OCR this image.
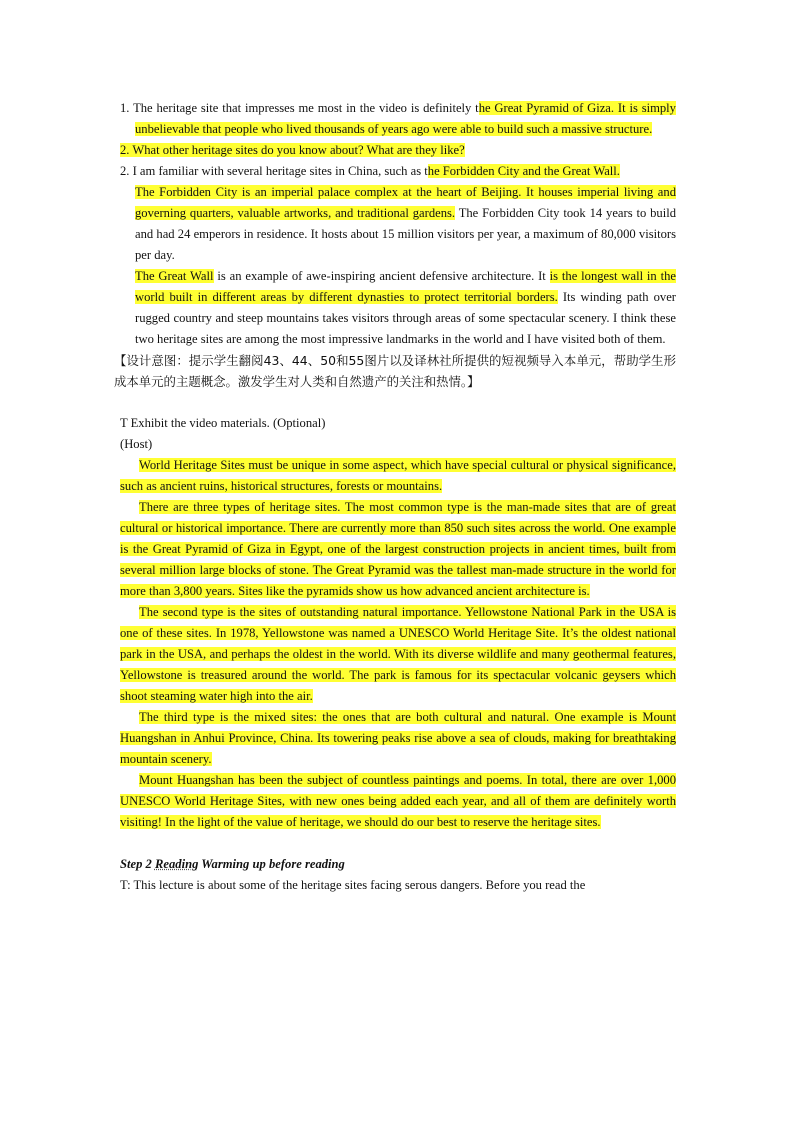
1. The heritage site that impresses me most in the video is definitely the Great Pyramid of Giza. It is simply unbelievable that people who lived thousands of years ago were able to build such a massive structure.

2. What other heritage sites do you know about? What are they like?

2. I am familiar with several heritage sites in China, such as the Forbidden City and the Great Wall.

The Forbidden City is an imperial palace complex at the heart of Beijing. It houses imperial living and governing quarters, valuable artworks, and traditional gardens. The Forbidden City took 14 years to build and had 24 emperors in residence. It hosts about 15 million visitors per year, a maximum of 80,000 visitors per day.

The Great Wall is an example of awe-inspiring ancient defensive architecture. It is the longest wall in the world built in different areas by different dynasties to protect territorial borders. Its winding path over rugged country and steep mountains takes visitors through areas of some spectacular scenery. I think these two heritage sites are among the most impressive landmarks in the world and I have visited both of them.

【设计意图：提示学生翻阅43、44、50和55图片以及译林社所提供的短视频导入本单元，帮助学生形成本单元的主题概念。激发学生对人类和自然遗产的关注和热情。】

T Exhibit the video materials. (Optional)

(Host)

World Heritage Sites must be unique in some aspect, which have special cultural or physical significance, such as ancient ruins, historical structures, forests or mountains.

There are three types of heritage sites. The most common type is the man-made sites that are of great cultural or historical importance. There are currently more than 850 such sites across the world. One example is the Great Pyramid of Giza in Egypt, one of the largest construction projects in ancient times, built from several million large blocks of stone. The Great Pyramid was the tallest man-made structure in the world for more than 3,800 years. Sites like the pyramids show us how advanced ancient architecture is.

The second type is the sites of outstanding natural importance. Yellowstone National Park in the USA is one of these sites. In 1978, Yellowstone was named a UNESCO World Heritage Site. It’s the oldest national park in the USA, and perhaps the oldest in the world. With its diverse wildlife and many geothermal features, Yellowstone is treasured around the world. The park is famous for its spectacular volcanic geysers which shoot steaming water high into the air.

The third type is the mixed sites: the ones that are both cultural and natural. One example is Mount Huangshan in Anhui Province, China. Its towering peaks rise above a sea of clouds, making for breathtaking mountain scenery.

Mount Huangshan has been the subject of countless paintings and poems. In total, there are over 1,000 UNESCO World Heritage Sites, with new ones being added each year, and all of them are definitely worth visiting! In the light of the value of heritage, we should do our best to reserve the heritage sites.

Step 2 Reading Warming up before reading

T: This lecture is about some of the heritage sites facing serous dangers. Before you read the
